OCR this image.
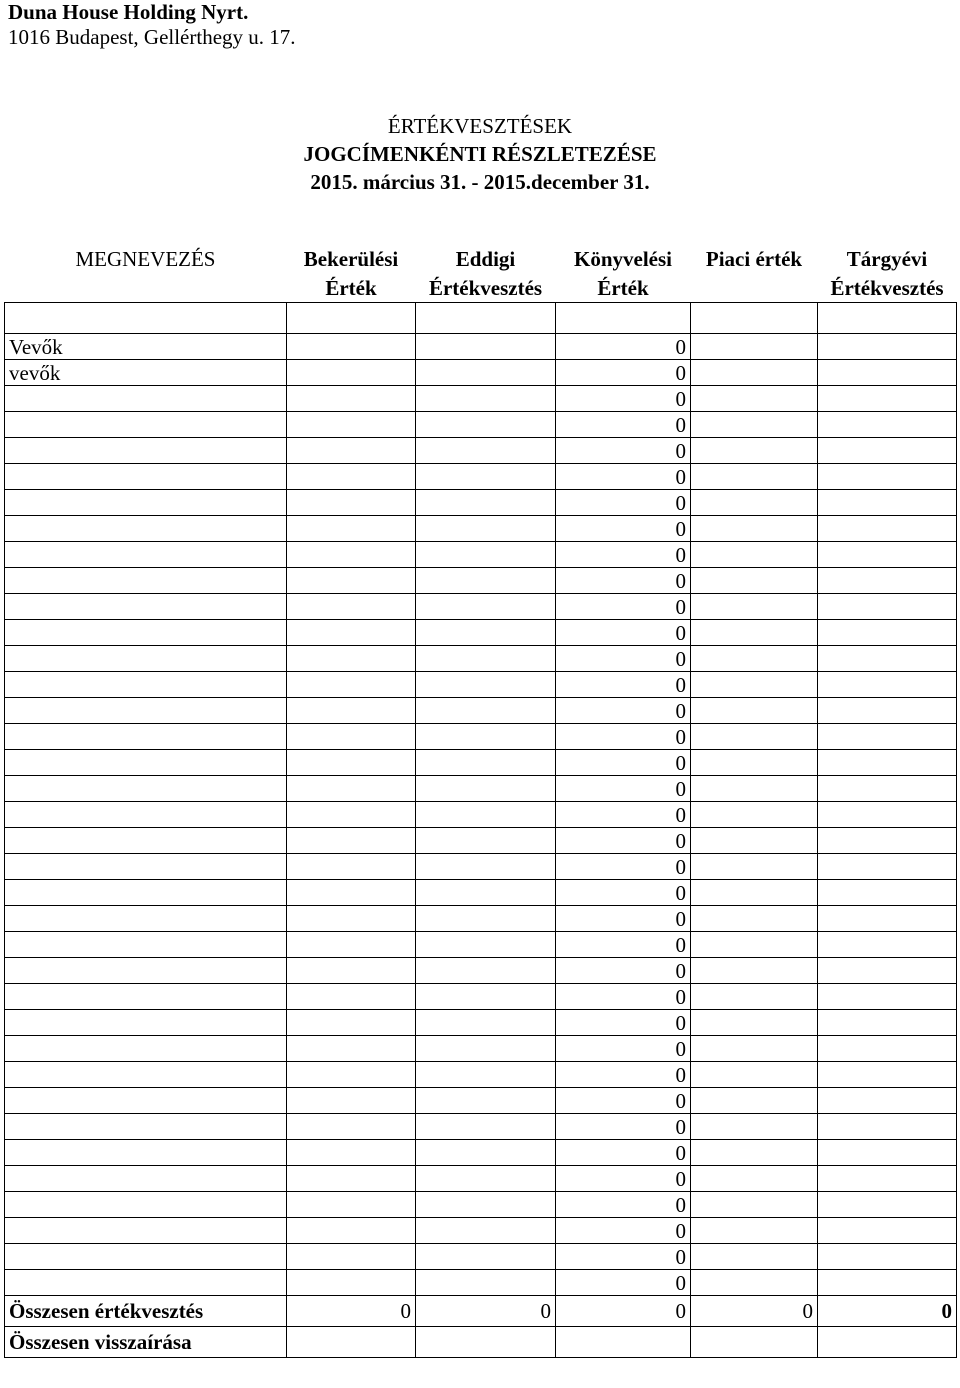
Duna House Holding Nyrt.
1016 Budapest, Gellérthegy u. 17.
ÉRTÉKVESZTÉSEK
JOGCÍMENKÉNTI RÉSZLETEZÉSE
2015. március 31. - 2015.december 31.
MEGNEVEZÉS	Bekerülési	Eddigi	Könyvelési	Piaci érték	Tárgyévi
	Érték	Értékvesztés	Érték		Értékvesztés

Vevők			0		
vevők			0		
			0		
			0		
			0		
			0		
			0		
			0		
			0		
			0		
			0		
			0		
			0		
			0		
			0		
			0		
			0		
			0		
			0		
			0		
			0		
			0		
			0		
			0		
			0		
			0		
			0		
			0		
			0		
			0		
			0		
			0		
			0		
			0		
			0		
			0		
			0		
Összesen értékvesztés	0	0	0	0	0
Összesen visszaírása					
